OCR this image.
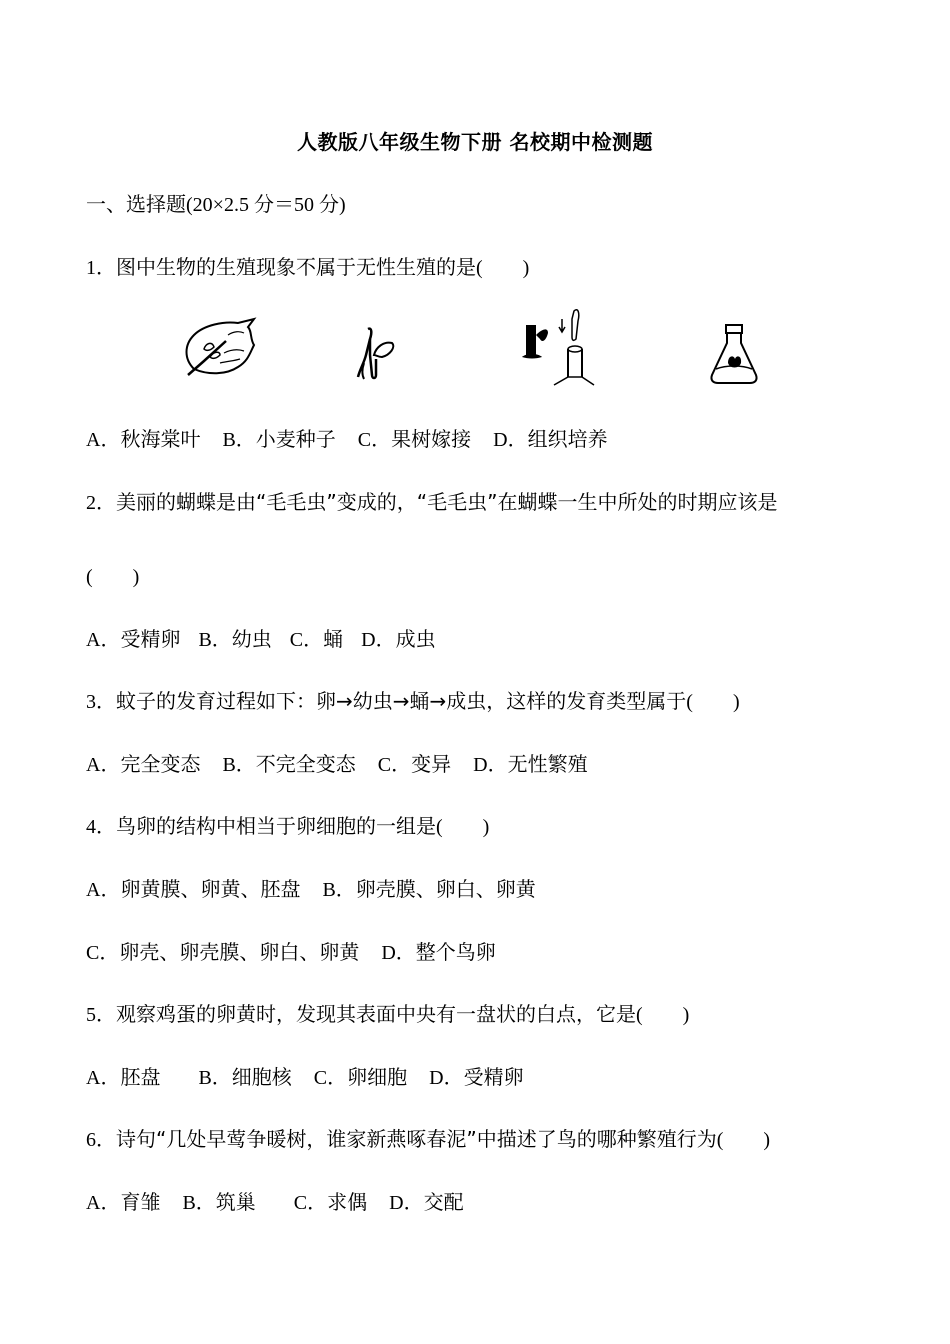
人教版八年级生物下册 名校期中检测题
一、选择题(20×2.5 分＝50 分)
1．图中生物的生殖现象不属于无性生殖的是(　　)
A．秋海棠叶 B．小麦种子 C．果树嫁接 D．组织培养
2．美丽的蝴蝶是由“毛毛虫”变成的，“毛毛虫”在蝴蝶一生中所处的时期应该是
(　　)
A．受精卵 B．幼虫 C．蛹 D．成虫
3．蚊子的发育过程如下：卵→幼虫→蛹→成虫，这样的发育类型属于(　　)
A．完全变态 B．不完全变态 C．变异 D．无性繁殖
4．鸟卵的结构中相当于卵细胞的一组是(　　)
A．卵黄膜、卵黄、胚盘 B．卵壳膜、卵白、卵黄
C．卵壳、卵壳膜、卵白、卵黄 D．整个鸟卵
5．观察鸡蛋的卵黄时，发现其表面中央有一盘状的白点，它是(　　)
A．胚盘 B．细胞核 C．卵细胞 D．受精卵
6．诗句“几处早莺争暖树，谁家新燕啄春泥”中描述了鸟的哪种繁殖行为(　　)
A．育雏 B．筑巢 C．求偶 D．交配
